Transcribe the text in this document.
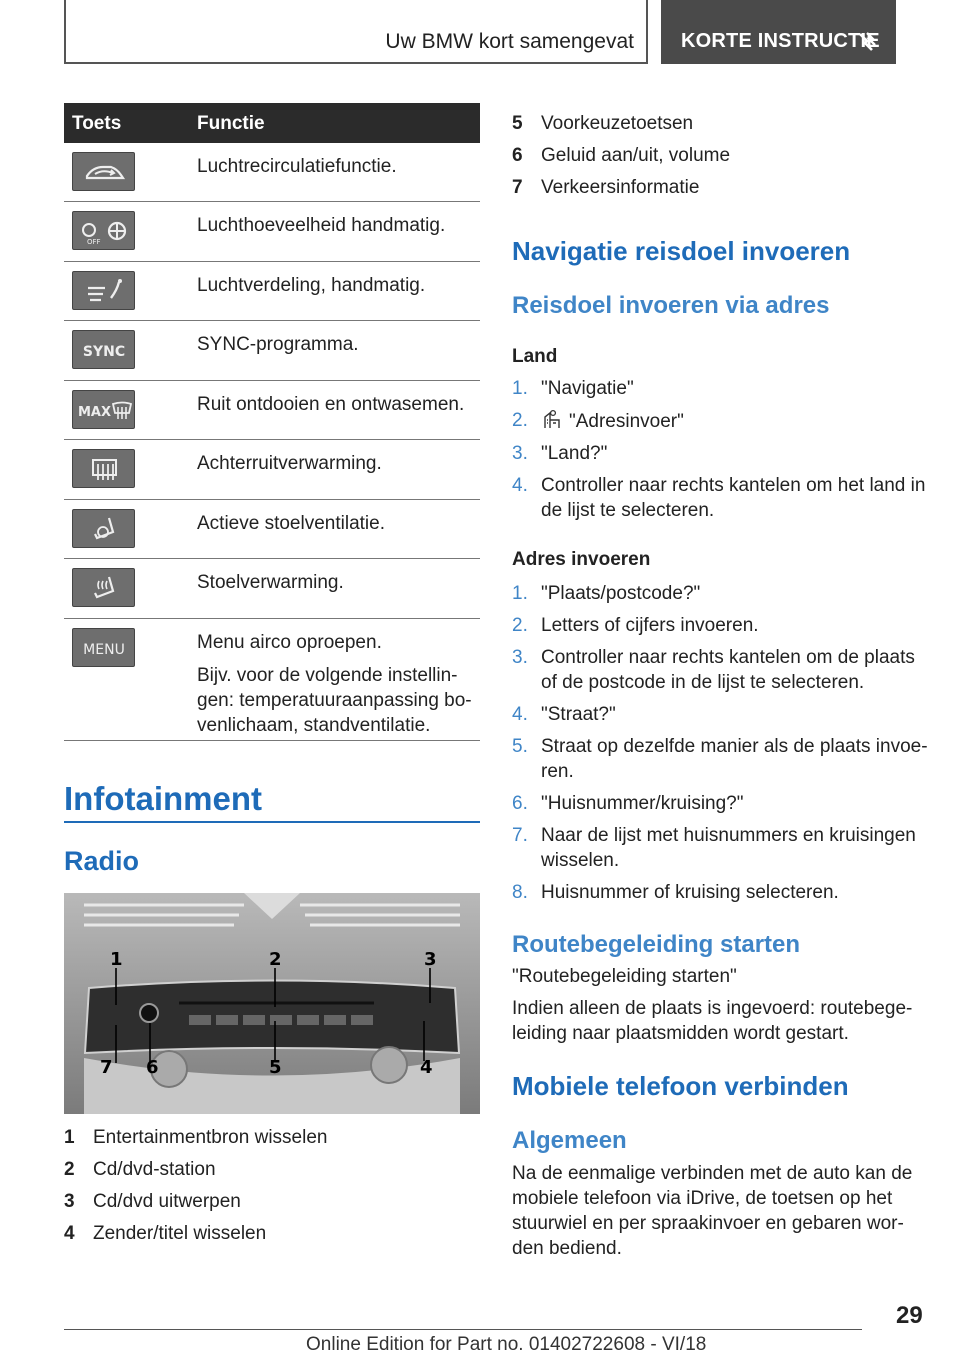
Uw BMW kort samengevat KORTE INSTRUCTIE
Toets	Functie
Luchtrecirculatiefunctie.
OFF
Luchthoeveelheid handmatig.
Luchtverdeling, handmatig.
SYNC	SYNC-programma.
MAX	Ruit ontdooien en ontwasemen.
Achterruitverwarming.
Actieve stoelventilatie.
Stoelverwarming.
MENU	Menu airco oproepen.

Bijv. voor de volgende instellin-gen: temperatuuraanpassing bo-venlichaam, standventilatie.

Infotainment
Radio
1	2	3
7 6	5	4
1 Entertainmentbron wisselen
2 Cd/dvd-station
3 Cd/dvd uitwerpen
4 Zender/titel wisselen
5 Voorkeuzetoetsen
6 Geluid aan/uit, volume
7 Verkeersinformatie
Navigatie reisdoel invoeren
Reisdoel invoeren via adres
Land
1. "Navigatie"
2. "Adresinvoer"
3. "Land?"
4. Controller naar rechts kantelen om het land in de lijst te selecteren.
Adres invoeren
1. "Plaats/postcode?"
2. Letters of cijfers invoeren.
3. Controller naar rechts kantelen om de plaats of de postcode in de lijst te selecteren.
4. "Straat?"
5. Straat op dezelfde manier als de plaats invoe-ren.
6. "Huisnummer/kruising?"
7. Naar de lijst met huisnummers en kruisingen wisselen.
8. Huisnummer of kruising selecteren.
Routebegeleiding starten
"Routebegeleiding starten"
Indien alleen de plaats is ingevoerd: routebege-leiding naar plaatsmidden wordt gestart.
Mobiele telefoon verbinden
Algemeen
Na de eenmalige verbinden met de auto kan de mobiele telefoon via iDrive, de toetsen op het stuurwiel en per spraakinvoer en gebaren wor-den bediend.
29
Online Edition for Part no. 01402722608 - VI/18
